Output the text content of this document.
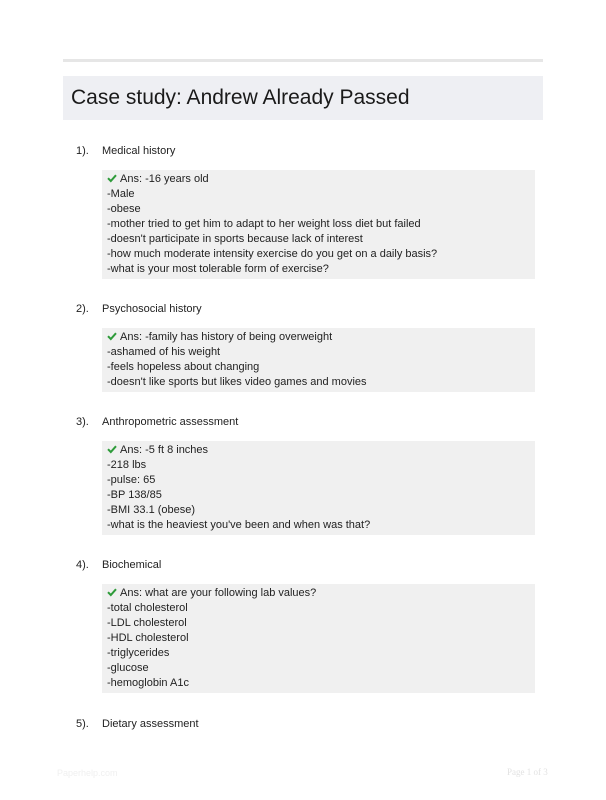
Case study: Andrew Already Passed
1). Medical history
Ans: -16 years old
-Male
-obese
-mother tried to get him to adapt to her weight loss diet but failed
-doesn't participate in sports because lack of interest
-how much moderate intensity exercise do you get on a daily basis?
-what is your most tolerable form of exercise?
2). Psychosocial history
Ans: -family has history of being overweight
-ashamed of his weight
-feels hopeless about changing
-doesn't like sports but likes video games and movies
3). Anthropometric assessment
Ans: -5 ft 8 inches
-218 lbs
-pulse: 65
-BP 138/85
-BMI 33.1 (obese)
-what is the heaviest you've been and when was that?
4). Biochemical
Ans: what are your following lab values?
-total cholesterol
-LDL cholesterol
-HDL cholesterol
-triglycerides
-glucose
-hemoglobin A1c
5). Dietary assessment
Paperhelp.com	Page 1 of 3
